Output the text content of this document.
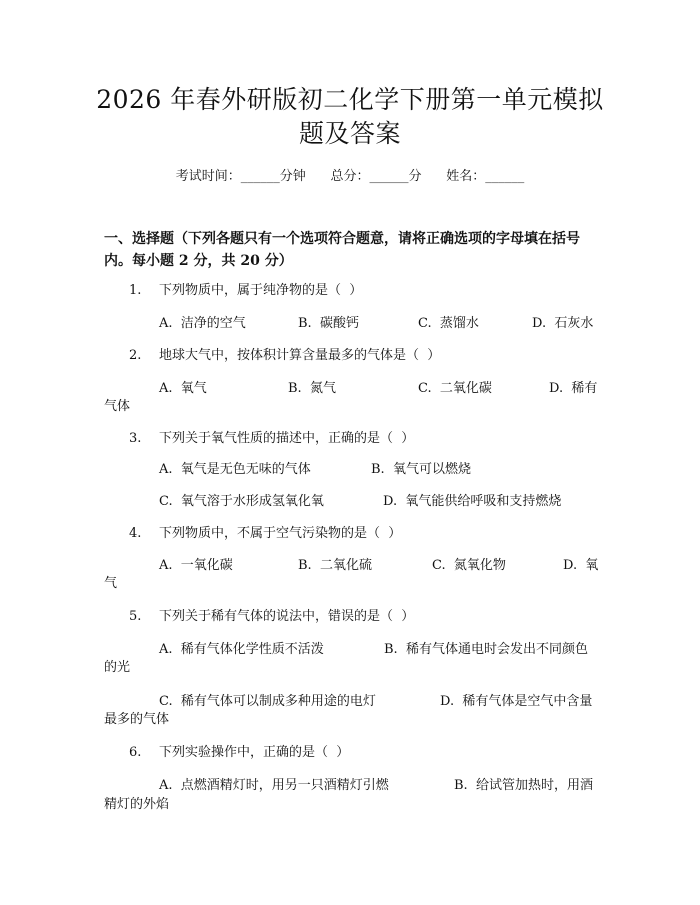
2026 年春外研版初二化学下册第一单元模拟
题及答案
考试时间：______分钟      总分：______分      姓名：______
一、选择题（下列各题只有一个选项符合题意，请将正确选项的字母填在括号
内。每小题 2 分，共 20 分）
1. 下列物质中，属于纯净物的是（  ）
A.  洁净的空气	B.  碳酸钙	C.  蒸馏水	D.  石灰水
2. 地球大气中，按体积计算含量最多的气体是（  ）
A.  氧气	B.  氮气	C.  二氧化碳	D.  稀有
气体
3. 下列关于氧气性质的描述中，正确的是（  ）
A.  氧气是无色无味的气体	B.  氧气可以燃烧
C.  氧气溶于水形成氢氧化氧	D.  氧气能供给呼吸和支持燃烧
4. 下列物质中，不属于空气污染物的是（  ）
A.  一氧化碳	B.  二氧化硫	C.  氮氧化物	D.  氧
气
5. 下列关于稀有气体的说法中，错误的是（  ）
A.  稀有气体化学性质不活泼	B.  稀有气体通电时会发出不同颜色
的光
C.  稀有气体可以制成多种用途的电灯	D.  稀有气体是空气中含量
最多的气体
6. 下列实验操作中，正确的是（  ）
A.  点燃酒精灯时，用另一只酒精灯引燃	B.  给试管加热时，用酒
精灯的外焰
